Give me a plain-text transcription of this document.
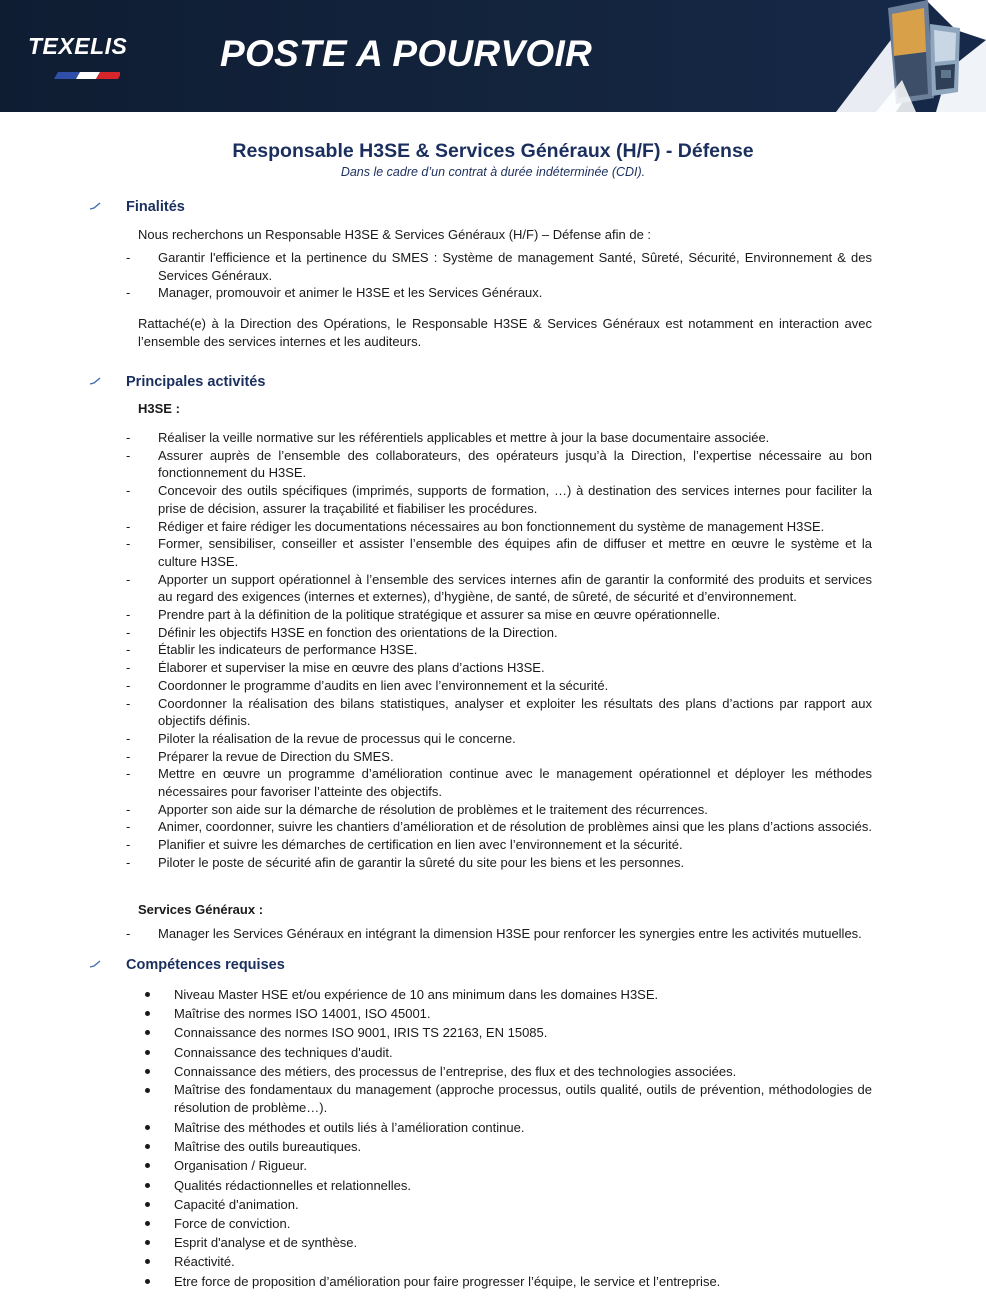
TEXELIS	POSTE A POURVOIR
Responsable H3SE & Services Généraux (H/F) - Défense
Dans le cadre d’un contrat à durée indéterminée (CDI).
Finalités
Nous recherchons un Responsable H3SE & Services Généraux (H/F) – Défense afin de :
- Garantir l'efficience et la pertinence du SMES : Système de management Santé, Sûreté, Sécurité, Environnement & des Services Généraux.
- Manager, promouvoir et animer le H3SE et les Services Généraux.
Rattaché(e) à la Direction des Opérations, le Responsable H3SE & Services Généraux est notamment en interaction avec l’ensemble des services internes et les auditeurs.
Principales activités
H3SE :
- Réaliser la veille normative sur les référentiels applicables et mettre à jour la base documentaire associée.
- Assurer auprès de l’ensemble des collaborateurs, des opérateurs jusqu’à la Direction, l’expertise nécessaire au bon fonctionnement du H3SE.
- Concevoir des outils spécifiques (imprimés, supports de formation, …) à destination des services internes pour faciliter la prise de décision, assurer la traçabilité et fiabiliser les procédures.
- Rédiger et faire rédiger les documentations nécessaires au bon fonctionnement du système de management H3SE.
- Former, sensibiliser, conseiller et assister l’ensemble des équipes afin de diffuser et mettre en œuvre le système et la culture H3SE.
- Apporter un support opérationnel à l’ensemble des services internes afin de garantir la conformité des produits et services au regard des exigences (internes et externes), d’hygiène, de santé, de sûreté, de sécurité et d’environnement.
- Prendre part à la définition de la politique stratégique et assurer sa mise en œuvre opérationnelle.
- Définir les objectifs H3SE en fonction des orientations de la Direction.
- Établir les indicateurs de performance H3SE.
- Élaborer et superviser la mise en œuvre des plans d’actions H3SE.
- Coordonner le programme d’audits en lien avec l’environnement et la sécurité.
- Coordonner la réalisation des bilans statistiques, analyser et exploiter les résultats des plans d’actions par rapport aux objectifs définis.
- Piloter la réalisation de la revue de processus qui le concerne.
- Préparer la revue de Direction du SMES.
- Mettre en œuvre un programme d’amélioration continue avec le management opérationnel et déployer les méthodes nécessaires pour favoriser l’atteinte des objectifs.
- Apporter son aide sur la démarche de résolution de problèmes et le traitement des récurrences.
- Animer, coordonner, suivre les chantiers d’amélioration et de résolution de problèmes ainsi que les plans d’actions associés.
- Planifier et suivre les démarches de certification en lien avec l’environnement et la sécurité.
- Piloter le poste de sécurité afin de garantir la sûreté du site pour les biens et les personnes.
Services Généraux :
- Manager les Services Généraux en intégrant la dimension H3SE pour renforcer les synergies entre les activités mutuelles.
Compétences requises
Niveau Master HSE et/ou expérience de 10 ans minimum dans les domaines H3SE.
Maîtrise des normes ISO 14001, ISO 45001.
Connaissance des normes ISO 9001, IRIS TS 22163, EN 15085.
Connaissance des techniques d'audit.
Connaissance des métiers, des processus de l’entreprise, des flux et des technologies associées.
Maîtrise des fondamentaux du management (approche processus, outils qualité, outils de prévention, méthodologies de résolution de problème…).
Maîtrise des méthodes et outils liés à l’amélioration continue.
Maîtrise des outils bureautiques.
Organisation / Rigueur.
Qualités rédactionnelles et relationnelles.
Capacité d'animation.
Force de conviction.
Esprit d'analyse et de synthèse.
Réactivité.
Etre force de proposition d’amélioration pour faire progresser l’équipe, le service et l’entreprise.
